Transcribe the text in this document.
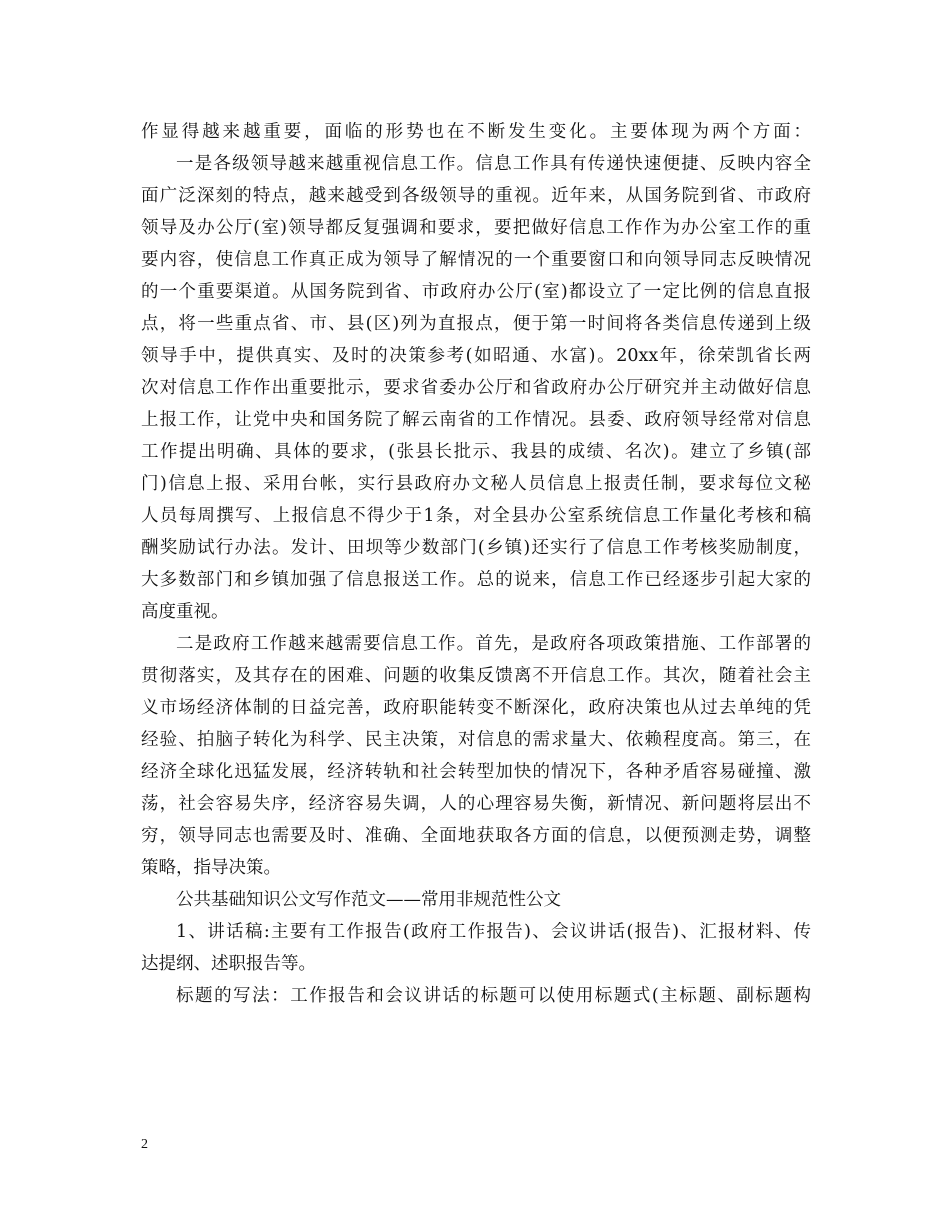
作显得越来越重要，面临的形势也在不断发生变化。主要体现为两个方面：
一是各级领导越来越重视信息工作。信息工作具有传递快速便捷、反映内容全
面广泛深刻的特点，越来越受到各级领导的重视。近年来，从国务院到省、市政府
领导及办公厅(室)领导都反复强调和要求，要把做好信息工作作为办公室工作的重
要内容，使信息工作真正成为领导了解情况的一个重要窗口和向领导同志反映情况
的一个重要渠道。从国务院到省、市政府办公厅(室)都设立了一定比例的信息直报
点，将一些重点省、市、县(区)列为直报点，便于第一时间将各类信息传递到上级
领导手中，提供真实、及时的决策参考(如昭通、水富)。20xx年，徐荣凯省长两
次对信息工作作出重要批示，要求省委办公厅和省政府办公厅研究并主动做好信息
上报工作，让党中央和国务院了解云南省的工作情况。县委、政府领导经常对信息
工作提出明确、具体的要求，(张县长批示、我县的成绩、名次)。建立了乡镇(部
门)信息上报、采用台帐，实行县政府办文秘人员信息上报责任制，要求每位文秘
人员每周撰写、上报信息不得少于1条，对全县办公室系统信息工作量化考核和稿
酬奖励试行办法。发计、田坝等少数部门(乡镇)还实行了信息工作考核奖励制度，
大多数部门和乡镇加强了信息报送工作。总的说来，信息工作已经逐步引起大家的
高度重视。
二是政府工作越来越需要信息工作。首先，是政府各项政策措施、工作部署的
贯彻落实，及其存在的困难、问题的收集反馈离不开信息工作。其次，随着社会主
义市场经济体制的日益完善，政府职能转变不断深化，政府决策也从过去单纯的凭
经验、拍脑子转化为科学、民主决策，对信息的需求量大、依赖程度高。第三，在
经济全球化迅猛发展，经济转轨和社会转型加快的情况下，各种矛盾容易碰撞、激
荡，社会容易失序，经济容易失调，人的心理容易失衡，新情况、新问题将层出不
穷，领导同志也需要及时、准确、全面地获取各方面的信息，以便预测走势，调整
策略，指导决策。
公共基础知识公文写作范文——常用非规范性公文
1、讲话稿:主要有工作报告(政府工作报告)、会议讲话(报告)、汇报材料、传
达提纲、述职报告等。
标题的写法：工作报告和会议讲话的标题可以使用标题式(主标题、副标题构
2
